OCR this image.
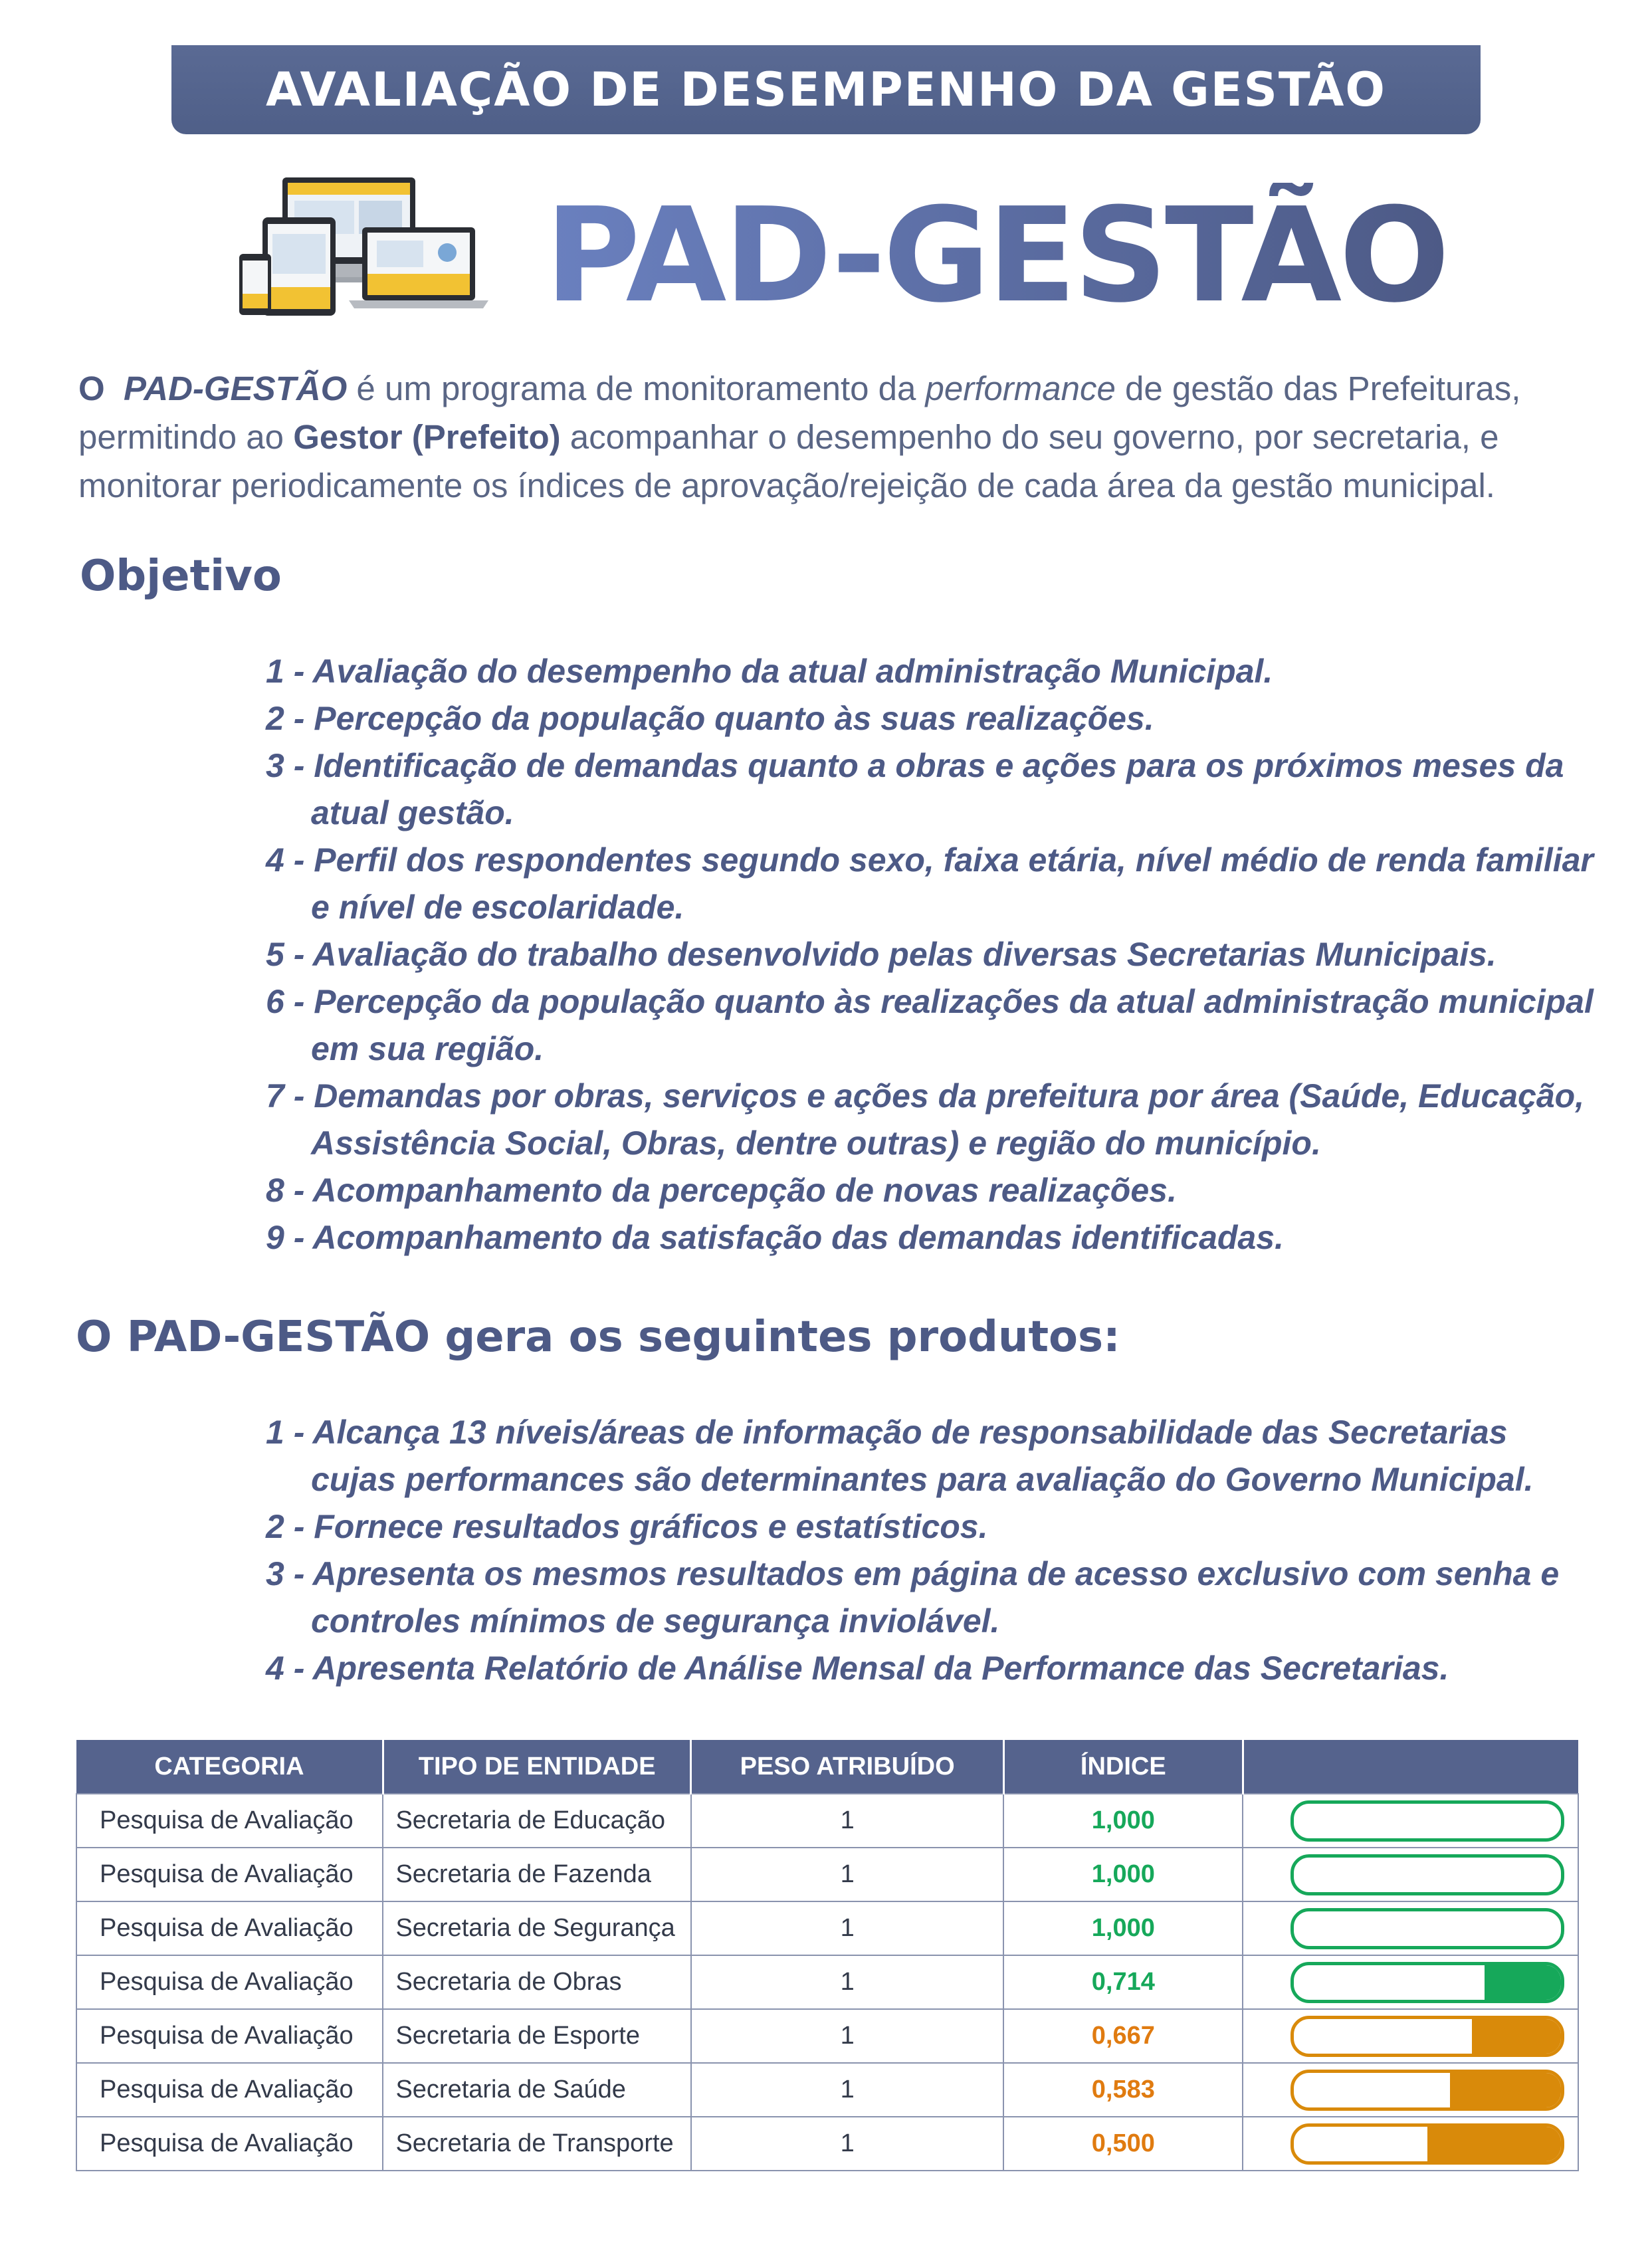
AVALIAÇÃO DE DESEMPENHO DA GESTÃO
PAD-GESTÃO
O PAD-GESTÃO é um programa de monitoramento da performance de gestão das Prefeituras, permitindo ao Gestor (Prefeito) acompanhar o desempenho do seu governo, por secretaria, e monitorar periodicamente os índices de aprovação/rejeição de cada área da gestão municipal.
Objetivo
1 - Avaliação do desempenho da atual administração Municipal.
2 - Percepção da população quanto às suas realizações.
3 - Identificação de demandas quanto a obras e ações para os próximos meses da atual gestão.
4 - Perfil dos respondentes segundo sexo, faixa etária, nível médio de renda familiar e nível de escolaridade.
5 - Avaliação do trabalho desenvolvido pelas diversas Secretarias Municipais.
6 - Percepção da população quanto às realizações da atual administração municipal em sua região.
7 - Demandas por obras, serviços e ações da prefeitura por área (Saúde, Educação, Assistência Social, Obras, dentre outras) e região do município.
8 - Acompanhamento da percepção de novas realizações.
9 - Acompanhamento da satisfação das demandas identificadas.
O PAD-GESTÃO gera os seguintes produtos:
1 - Alcança 13 níveis/áreas de informação de responsabilidade das Secretarias cujas performances são determinantes para avaliação do Governo Municipal.
2 - Fornece resultados gráficos e estatísticos.
3 - Apresenta os mesmos resultados em página de acesso exclusivo com senha e controles mínimos de segurança inviolável.
4 - Apresenta Relatório de Análise Mensal da Performance das Secretarias.
CATEGORIA	TIPO DE ENTIDADE	PESO ATRIBUÍDO	ÍNDICE	
Pesquisa de Avaliação	Secretaria de Educação	1	1,000	

Pesquisa de Avaliação	Secretaria de Fazenda	1	1,000	

Pesquisa de Avaliação	Secretaria de Segurança	1	1,000	

Pesquisa de Avaliação	Secretaria de Obras	1	0,714	

Pesquisa de Avaliação	Secretaria de Esporte	1	0,667	

Pesquisa de Avaliação	Secretaria de Saúde	1	0,583	

Pesquisa de Avaliação	Secretaria de Transporte	1	0,500	
